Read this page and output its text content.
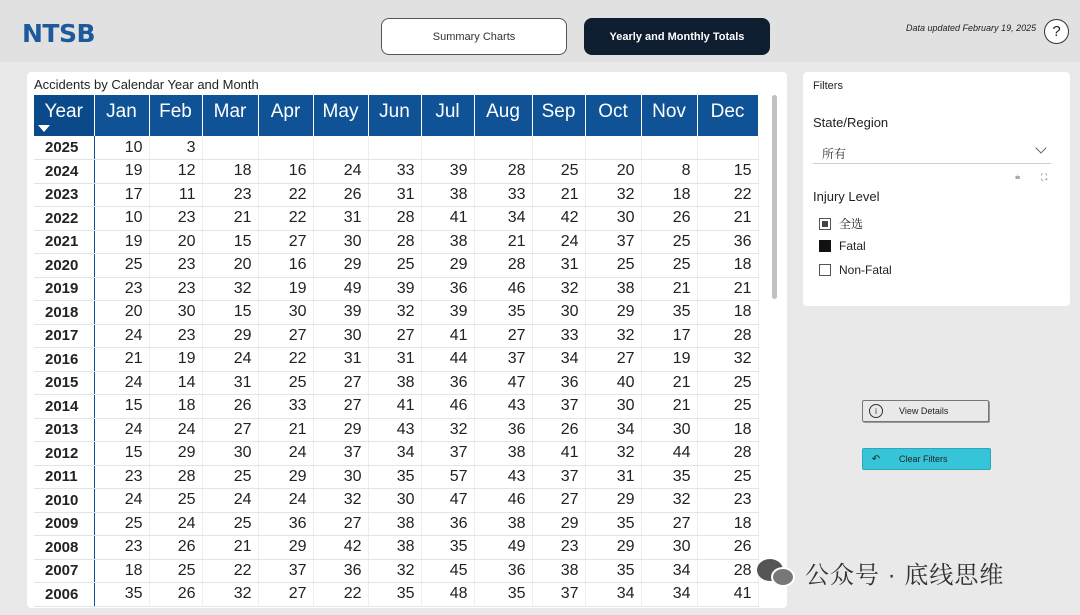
NTSB	Summary Charts	Yearly and Monthly Totals
Data updated February 19, 2025	?
Accidents by Calendar Year and Month
Year	Jan	Feb	Mar	Apr	May	Jun	Jul	Aug	Sep	Oct	Nov	Dec
2025	10	3										
2024	19	12	18	16	24	33	39	28	25	20	8	15
2023	17	11	23	22	26	31	38	33	21	32	18	22
2022	10	23	21	22	31	28	41	34	42	30	26	21
2021	19	20	15	27	30	28	38	21	24	37	25	36
2020	25	23	20	16	29	25	29	28	31	25	25	18
2019	23	23	32	19	49	39	36	46	32	38	21	21
2018	20	30	15	30	39	32	39	35	30	29	35	18
2017	24	23	29	27	30	27	41	27	33	32	17	28
2016	21	19	24	22	31	31	44	37	34	27	19	32
2015	24	14	31	25	27	38	36	47	36	40	21	25
2014	15	18	26	33	27	41	46	43	37	30	21	25
2013	24	24	27	21	29	43	32	36	26	34	30	18
2012	15	29	30	24	37	34	37	38	41	32	44	28
2011	23	28	25	29	30	35	57	43	37	31	35	25
2010	24	25	24	24	32	30	47	46	27	29	32	23
2009	25	24	25	36	27	38	36	38	29	35	27	18
2008	23	26	21	29	42	38	35	49	23	29	30	26
2007	18	25	22	37	36	32	45	36	38	35	34	28
2006	35	26	32	27	22	35	48	35	37	34	34	41
Filters
State/Region
所有
⩧ ⛶
Injury Level
全选
Fatal
Non-Fatal
i	View Details
↶	Clear Filters
公众号 · 底线思维
